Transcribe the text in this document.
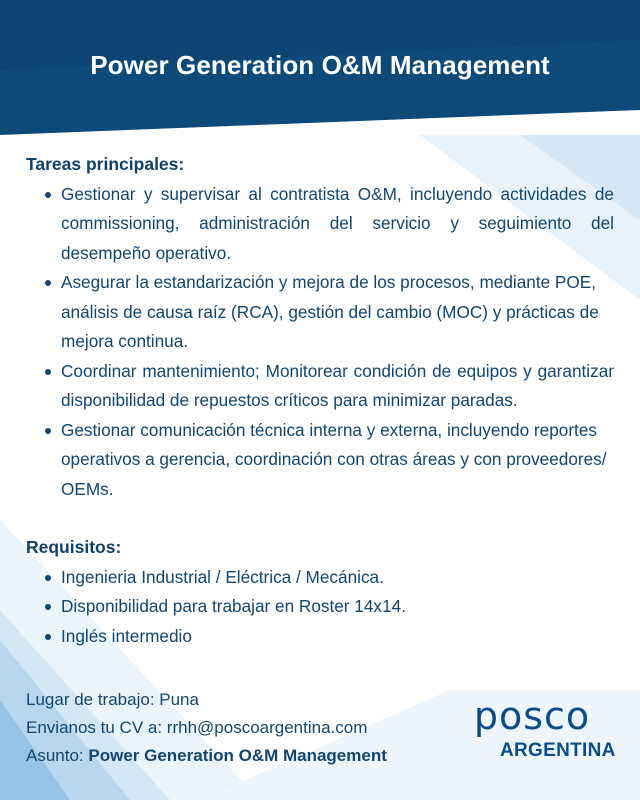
Power Generation O&M Management
Tareas principales:
Gestionar y supervisar al contratista O&M, incluyendo actividades de commissioning, administración del servicio y seguimiento del desempeño operativo.
Asegurar la estandarización y mejora de los procesos, mediante POE, análisis de causa raíz (RCA), gestión del cambio (MOC) y prácticas de mejora continua.
Coordinar mantenimiento; Monitorear condición de equipos y garantizar disponibilidad de repuestos críticos para minimizar paradas.
Gestionar comunicación técnica interna y externa, incluyendo reportes operativos a gerencia, coordinación con otras áreas y con proveedores/ OEMs.
Requisitos:
Ingenieria Industrial / Eléctrica / Mecánica.
Disponibilidad para trabajar en Roster 14x14.
Inglés intermedio
Lugar de trabajo: Puna
Envianos tu CV a: rrhh@poscoargentina.com
Asunto: Power Generation O&M Management
posco
ARGENTINA
